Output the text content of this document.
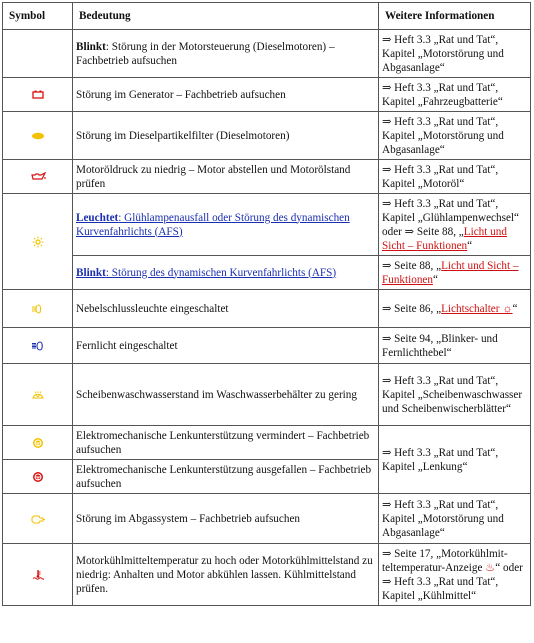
Symbol	Bedeutung	Weitere Informationen
	Blinkt: Störung in der Motorsteuerung (Dieselmotoren) – Fachbetrieb aufsuchen	⇒ Heft 3.3 „Rat und Tat“, Kapitel „Motorstörung und Abgasanlage“

	Störung im Generator – Fachbetrieb aufsuchen	⇒ Heft 3.3 „Rat und Tat“, Kapitel „Fahrzeugbatterie“

	Störung im Dieselpartikelfilter (Dieselmotoren)	⇒ Heft 3.3 „Rat und Tat“, Kapitel „Motorstörung und Abgasanlage“

	Motoröldruck zu niedrig – Motor abstellen und Motorölstand prüfen	⇒ Heft 3.3 „Rat und Tat“, Kapitel „Motoröl“

	Leuchtet: Glühlampenausfall oder Störung des dynamischen Kurvenfahrlichts (AFS)	⇒ Heft 3.3 „Rat und Tat“, Kapitel „Glühlampenwechsel“ oder ⇒ Seite 88, „Licht und Sicht – Funktionen“
	Blinkt: Störung des dynamischen Kurvenfahrlichts (AFS)	⇒ Seite 88, „Licht und Sicht – Funktionen“

	Nebelschlussleuchte eingeschaltet	⇒ Seite 86, „Lichtschalter ☼“

	Fernlicht eingeschaltet	⇒ Seite 94, „Blinker- und Fernlichthebel“

	Scheibenwaschwasserstand im Waschwasserbehälter zu gering	⇒ Heft 3.3 „Rat und Tat“, Kapitel „Scheibenwaschwasser und Scheibenwischerblätter“

	Elektromechanische Lenkunterstützung vermindert – Fachbetrieb aufsuchen	⇒ Heft 3.3 „Rat und Tat“, Kapitel „Lenkung“

	Elektromechanische Lenkunterstützung ausgefallen – Fachbetrieb aufsuchen	

	Störung im Abgassystem – Fachbetrieb aufsuchen	⇒ Heft 3.3 „Rat und Tat“, Kapitel „Motorstörung und Abgasanlage“

	Motorkühlmitteltemperatur zu hoch oder Motorkühlmittelstand zu niedrig: Anhalten und Motor abkühlen lassen. Kühlmittelstand prüfen.	⇒ Seite 17, „Motorkühlmitteltemperatur-Anzeige ♨“ oder ⇒ Heft 3.3 „Rat und Tat“, Kapitel „Kühlmittel“
